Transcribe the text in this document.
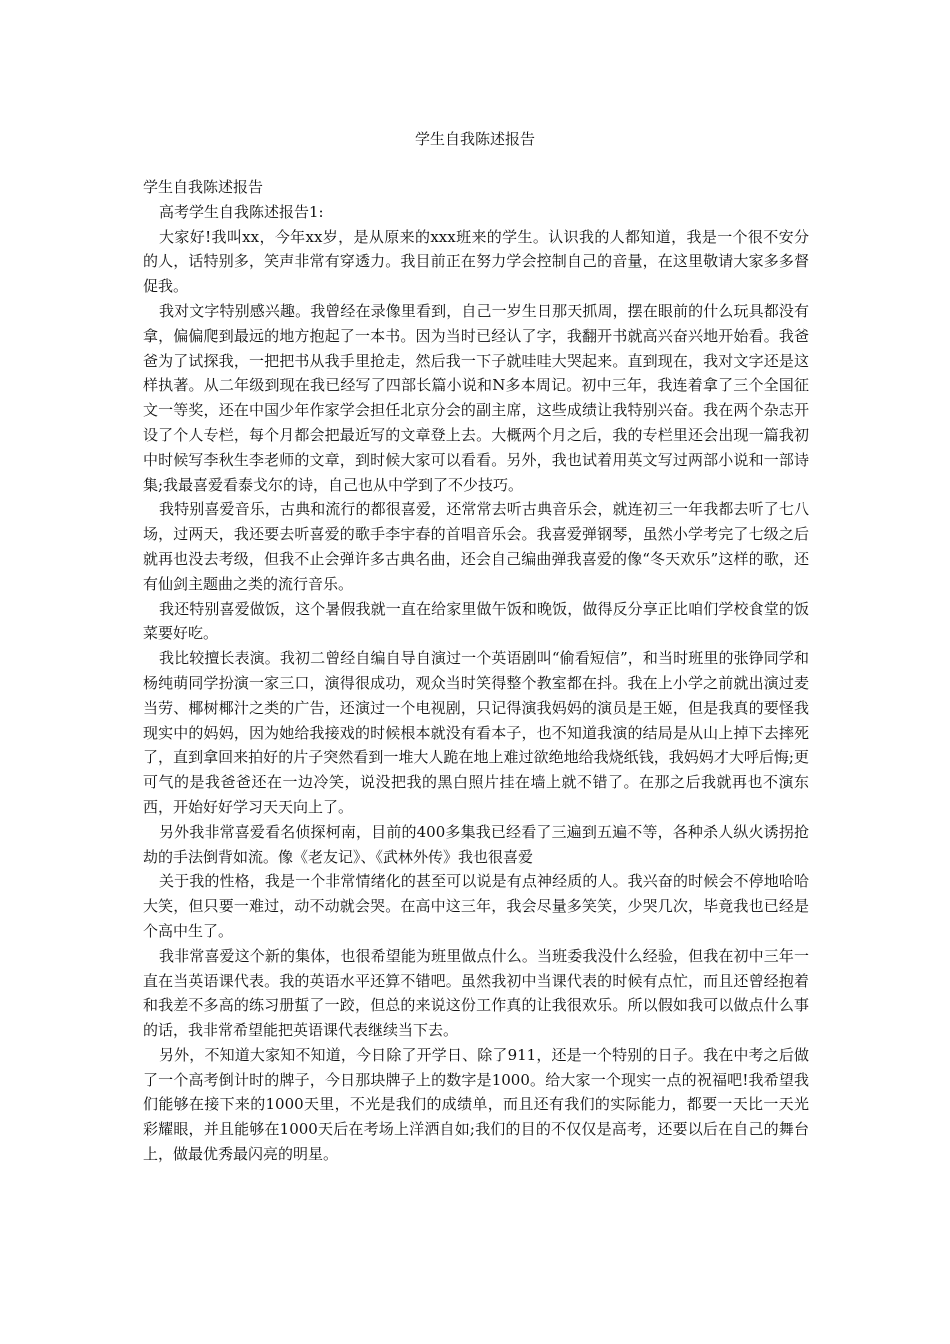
学生自我陈述报告

学生自我陈述报告

高考学生自我陈述报告1:

大家好!我叫xx，今年xx岁，是从原来的xxx班来的学生。认识我的人都知道，我是一个很不安分的人，话特别多，笑声非常有穿透力。我目前正在努力学会控制自己的音量，在这里敬请大家多多督促我。

我对文字特别感兴趣。我曾经在录像里看到，自己一岁生日那天抓周，摆在眼前的什么玩具都没有拿，偏偏爬到最远的地方抱起了一本书。因为当时已经认了字，我翻开书就高兴奋兴地开始看。我爸爸为了试探我，一把把书从我手里抢走，然后我一下子就哇哇大哭起来。直到现在，我对文字还是这样执著。从二年级到现在我已经写了四部长篇小说和N多本周记。初中三年，我连着拿了三个全国征文一等奖，还在中国少年作家学会担任北京分会的副主席，这些成绩让我特别兴奋。我在两个杂志开设了个人专栏，每个月都会把最近写的文章登上去。大概两个月之后，我的专栏里还会出现一篇我初中时候写李秋生李老师的文章，到时候大家可以看看。另外，我也试着用英文写过两部小说和一部诗集;我最喜爱看泰戈尔的诗，自己也从中学到了不少技巧。

我特别喜爱音乐，古典和流行的都很喜爱，还常常去听古典音乐会，就连初三一年我都去听了七八场，过两天，我还要去听喜爱的歌手李宇春的首唱音乐会。我喜爱弹钢琴，虽然小学考完了七级之后就再也没去考级，但我不止会弹许多古典名曲，还会自己编曲弹我喜爱的像“冬天欢乐”这样的歌，还有仙剑主题曲之类的流行音乐。

我还特别喜爱做饭，这个暑假我就一直在给家里做午饭和晚饭，做得反分享正比咱们学校食堂的饭菜要好吃。

我比较擅长表演。我初二曾经自编自导自演过一个英语剧叫“偷看短信”，和当时班里的张铮同学和杨纯萌同学扮演一家三口，演得很成功，观众当时笑得整个教室都在抖。我在上小学之前就出演过麦当劳、椰树椰汁之类的广告，还演过一个电视剧，只记得演我妈妈的演员是王姬，但是我真的要怪我现实中的妈妈，因为她给我接戏的时候根本就没有看本子，也不知道我演的结局是从山上掉下去摔死了，直到拿回来拍好的片子突然看到一堆大人跪在地上难过欲绝地给我烧纸钱，我妈妈才大呼后悔;更可气的是我爸爸还在一边冷笑，说没把我的黑白照片挂在墙上就不错了。在那之后我就再也不演东西，开始好好学习天天向上了。

另外我非常喜爱看名侦探柯南，目前的400多集我已经看了三遍到五遍不等，各种杀人纵火诱拐抢劫的手法倒背如流。像《老友记》、《武林外传》我也很喜爱

关于我的性格，我是一个非常情绪化的甚至可以说是有点神经质的人。我兴奋的时候会不停地哈哈大笑，但只要一难过，动不动就会哭。在高中这三年，我会尽量多笑笑，少哭几次，毕竟我也已经是个高中生了。

我非常喜爱这个新的集体，也很希望能为班里做点什么。当班委我没什么经验，但我在初中三年一直在当英语课代表。我的英语水平还算不错吧。虽然我初中当课代表的时候有点忙，而且还曾经抱着和我差不多高的练习册蜇了一跤，但总的来说这份工作真的让我很欢乐。所以假如我可以做点什么事的话，我非常希望能把英语课代表继续当下去。

另外，不知道大家知不知道，今日除了开学日、除了911，还是一个特别的日子。我在中考之后做了一个高考倒计时的牌子，今日那块牌子上的数字是1000。给大家一个现实一点的祝福吧!我希望我们能够在接下来的1000天里，不光是我们的成绩单，而且还有我们的实际能力，都要一天比一天光彩耀眼，并且能够在1000天后在考场上洋洒自如;我们的目的不仅仅是高考，还要以后在自己的舞台上，做最优秀最闪亮的明星。
